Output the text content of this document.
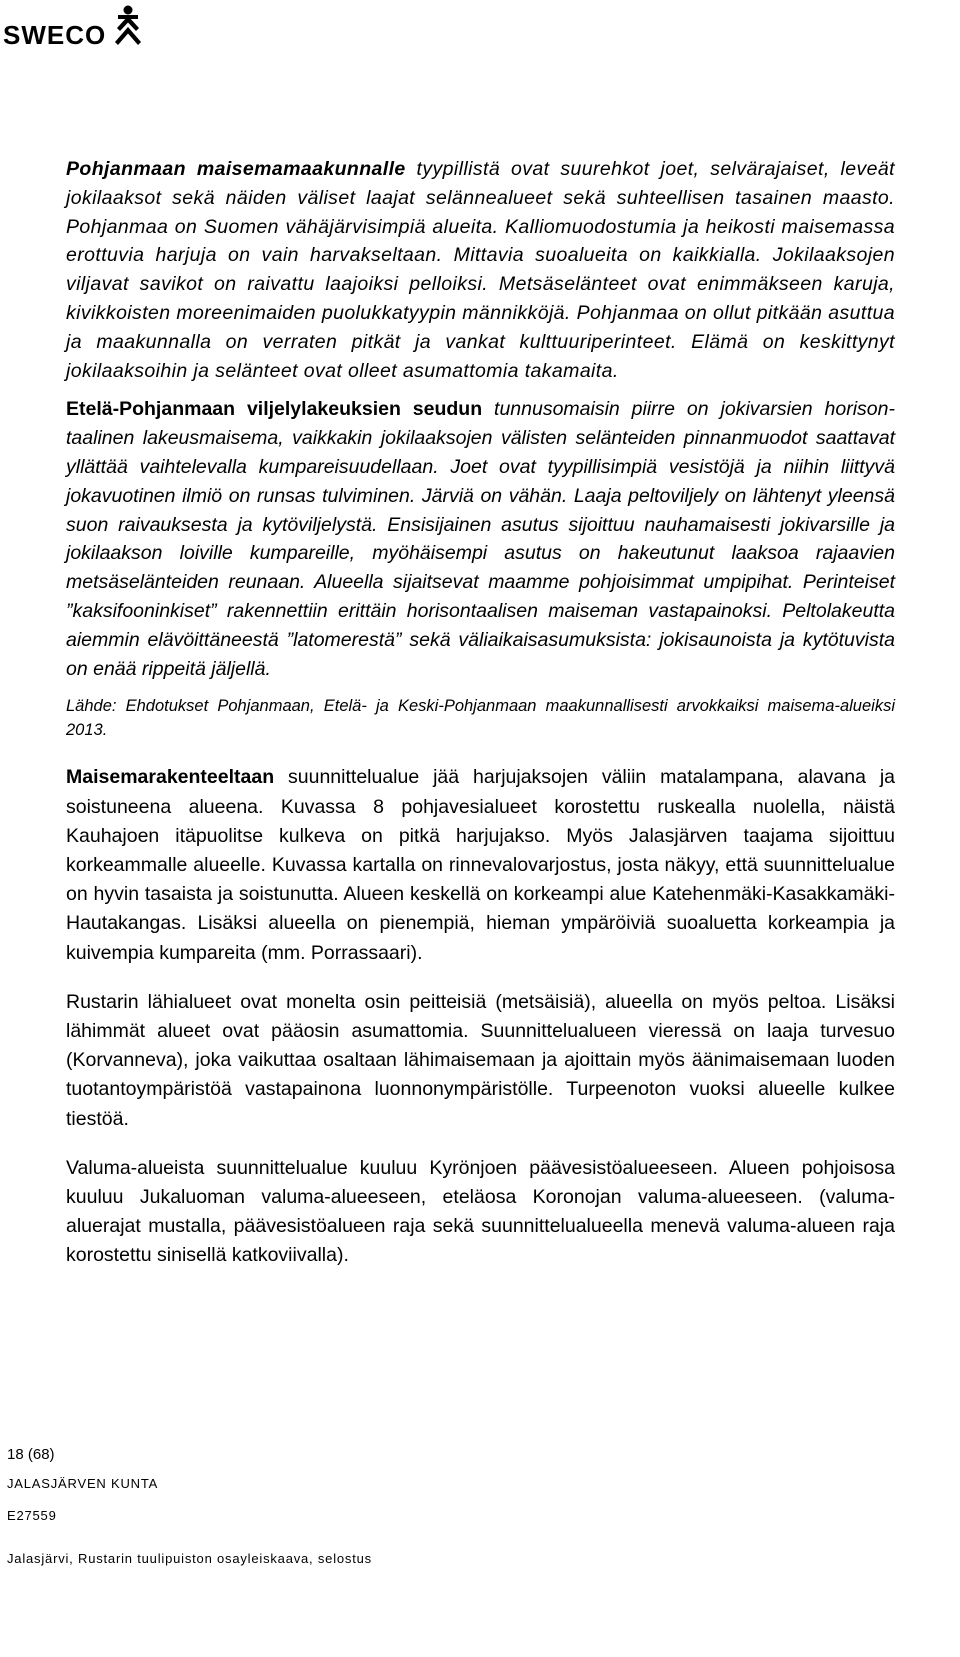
SWECO

Pohjanmaan maisemamaakunnalle tyypillistä ovat suurehkot joet, selvärajaiset, leveät jokilaaksot sekä näiden väliset laajat selännealueet sekä suhteellisen tasainen maasto. Pohjanmaa on Suomen vähäjärvisimpiä alueita. Kalliomuodostumia ja heikosti maisemassa erottuvia harjuja on vain harvakseltaan. Mittavia suoalueita on kaikkialla. Jokilaaksojen viljavat savikot on raivattu laajoiksi pelloiksi. Metsäselänteet ovat enimmäkseen karuja, kivikkoisten moreenimaiden puolukkatyypin männikköjä. Pohjanmaa on ollut pitkään asuttua ja maakunnalla on verraten pitkät ja vankat kulttuuriperinteet. Elämä on keskittynyt jokilaaksoihin ja selänteet ovat olleet asumattomia takamaita.

Etelä-Pohjanmaan viljelylakeuksien seudun tunnusomaisin piirre on jokivarsien horisontaalinen lakeusmaisema, vaikkakin jokilaaksojen välisten selänteiden pinnanmuodot saattavat yllättää vaihtelevalla kumpareisuudellaan. Joet ovat tyypillisimpiä vesistöjä ja niihin liittyvä jokavuotinen ilmiö on runsas tulviminen. Järviä on vähän. Laaja peltoviljely on lähtenyt yleensä suon raivauksesta ja kytöviljelystä. Ensisijainen asutus sijoittuu nauhamaisesti jokivarsille ja jokilaakson loiville kumpareille, myöhäisempi asutus on hakeutunut laaksoa rajaavien metsäselänteiden reunaan. Alueella sijaitsevat maamme pohjoisimmat umpipihat. Perinteiset ”kaksifooninkiset” rakennettiin erittäin horisontaalisen maiseman vastapainoksi. Peltolakeutta aiemmin elävöittäneestä ”latomerestä” sekä väliaikaisasumuksista: jokisaunoista ja kytötuvista on enää rippeitä jäljellä.

Lähde: Ehdotukset Pohjanmaan, Etelä- ja Keski-Pohjanmaan maakunnallisesti arvokkaiksi maisema-alueiksi 2013.

Maisemarakenteeltaan suunnittelualue jää harjujaksojen väliin matalampana, alavana ja soistuneena alueena. Kuvassa 8 pohjavesialueet korostettu ruskealla nuolella, näistä Kauhajoen itäpuolitse kulkeva on pitkä harjujakso. Myös Jalasjärven taajama sijoittuu korkeammalle alueelle. Kuvassa kartalla on rinnevalovarjostus, josta näkyy, että suunnittelualue on hyvin tasaista ja soistunutta. Alueen keskellä on korkeampi alue Katehenmäki-Kasakkamäki-Hautakangas. Lisäksi alueella on pienempiä, hieman ympäröiviä suoaluetta korkeampia ja kuivempia kumpareita (mm. Porrassaari).

Rustarin lähialueet ovat monelta osin peitteisiä (metsäisiä), alueella on myös peltoa. Lisäksi lähimmät alueet ovat pääosin asumattomia. Suunnittelualueen vieressä on laaja turvesuo (Korvanneva), joka vaikuttaa osaltaan lähimaisemaan ja ajoittain myös äänimaisemaan luoden tuotantoympäristöä vastapainona luonnonympäristölle. Turpeenoton vuoksi alueelle kulkee tiestöä.

Valuma-alueista suunnittelualue kuuluu Kyrönjoen päävesistöalueeseen. Alueen pohjoisosa kuuluu Jukaluoman valuma-alueeseen, eteläosa Koronojan valuma-alueeseen. (valuma-aluerajat mustalla, päävesistöalueen raja sekä suunnittelualueella menevä valuma-alueen raja korostettu sinisellä katkoviivalla).

18 (68)
JALASJÄRVEN KUNTA
E27559
Jalasjärvi, Rustarin tuulipuiston osayleiskaava, selostus
